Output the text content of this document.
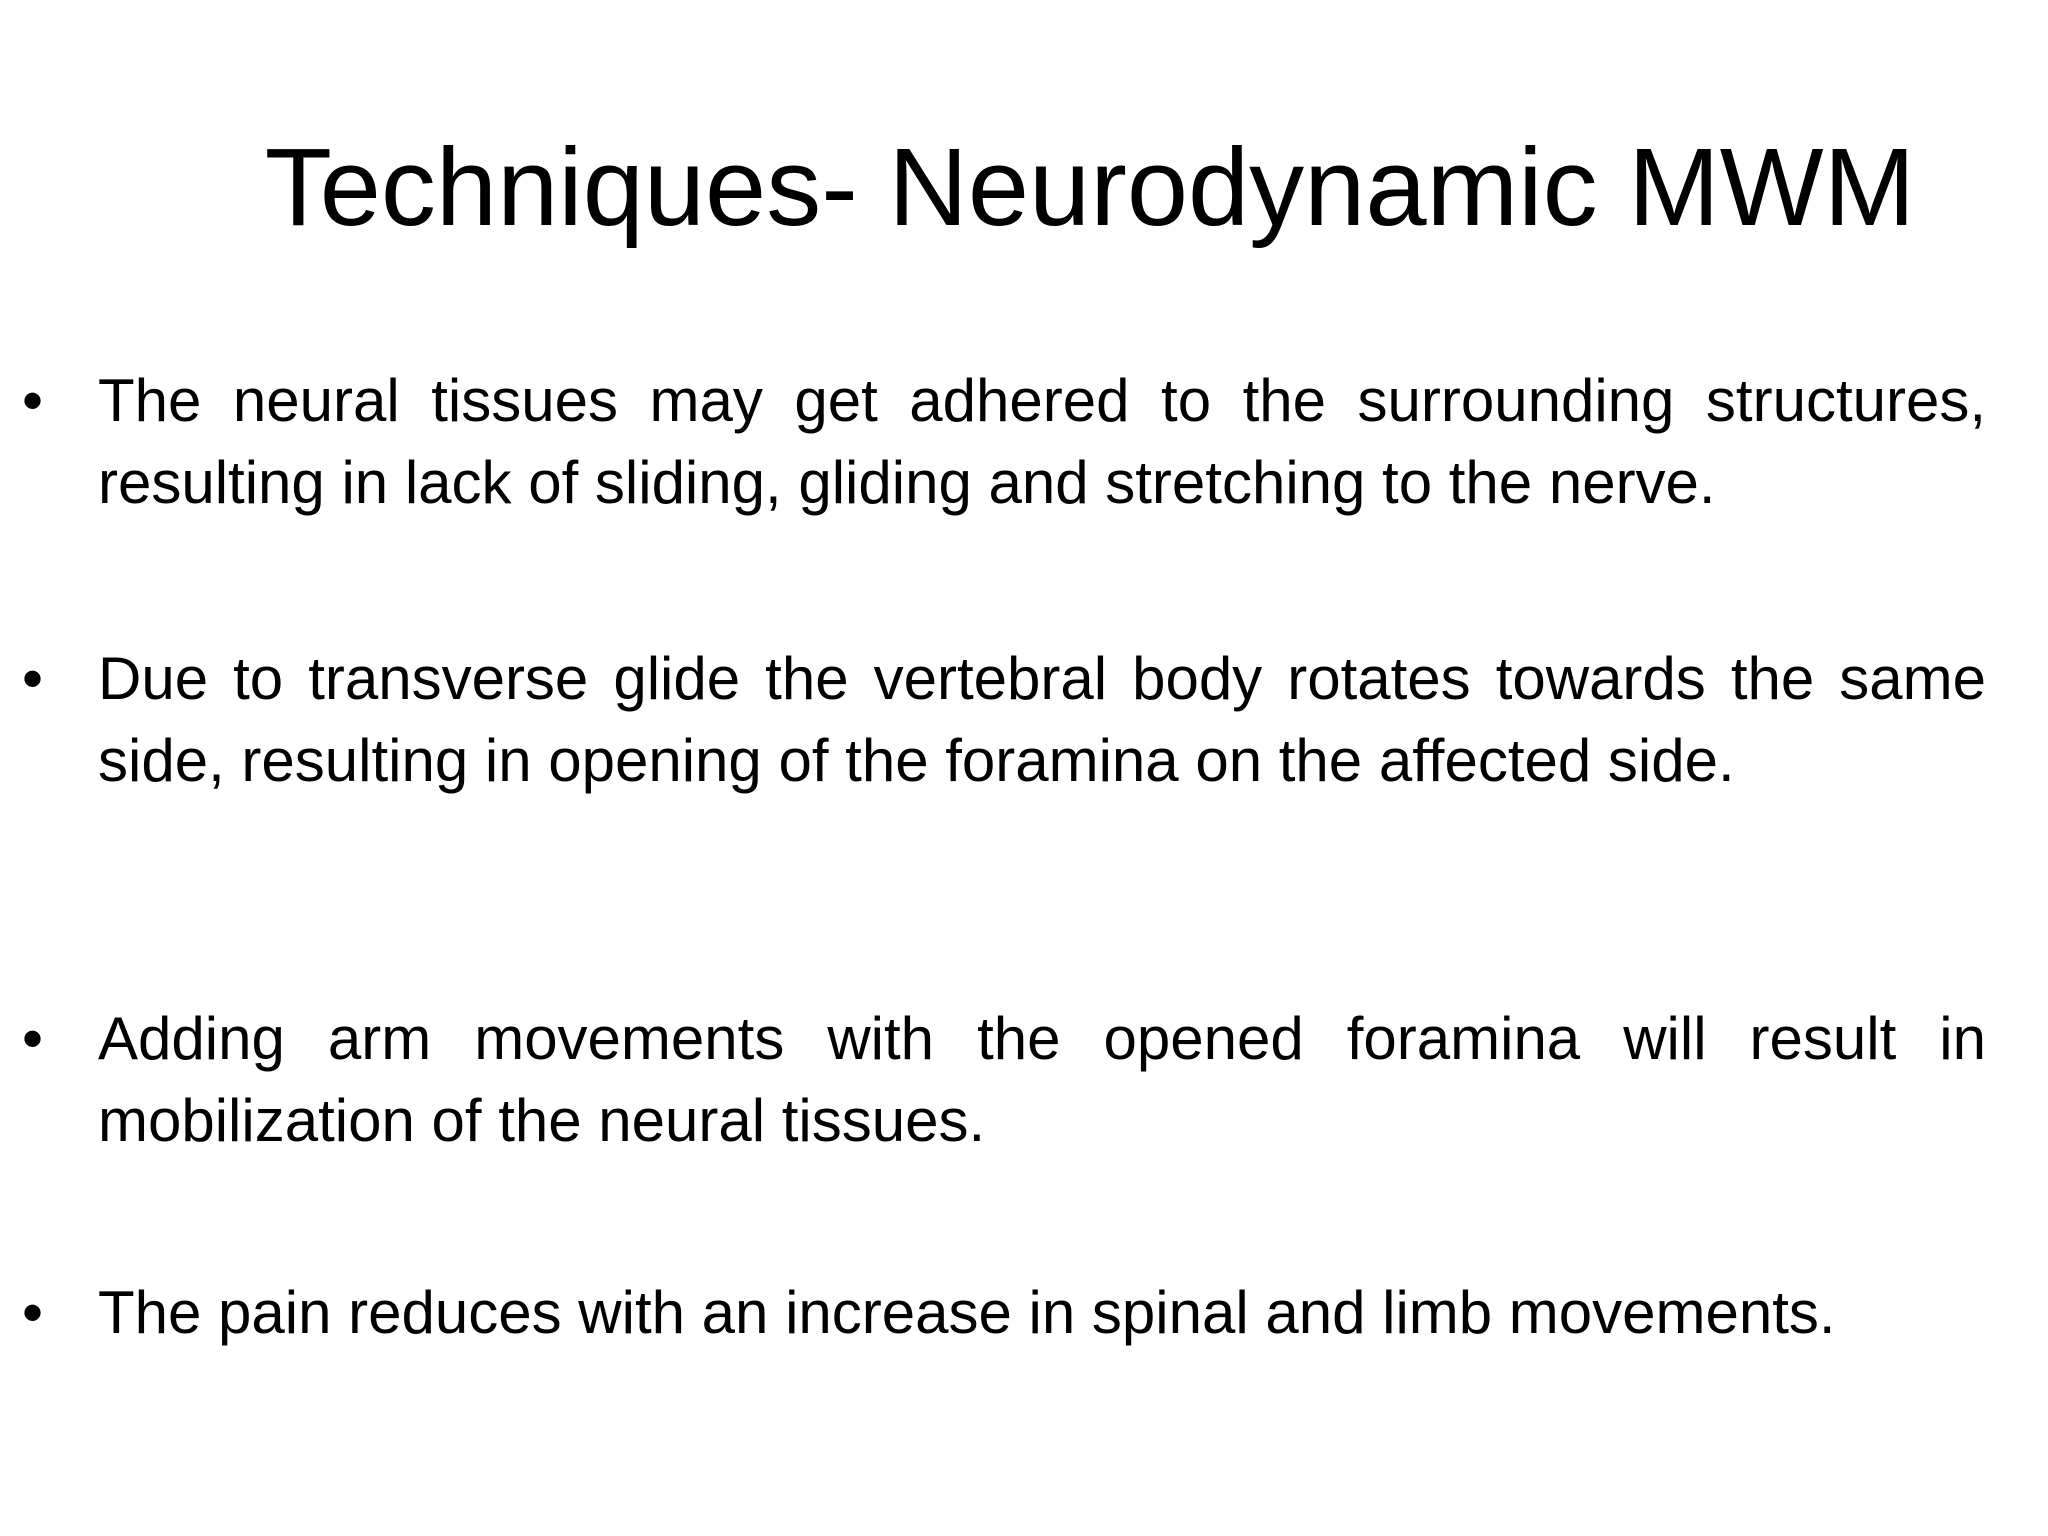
Techniques- Neurodynamic MWM
• The neural tissues may get adhered to the surrounding structures, resulting in lack of sliding, gliding and stretching to the nerve.
• Due to transverse glide the vertebral body rotates towards the same side, resulting in opening of the foramina on the affected side.
• Adding arm movements with the opened foramina will result in mobilization of the neural tissues.
• The pain reduces with an increase in spinal and limb movements.
